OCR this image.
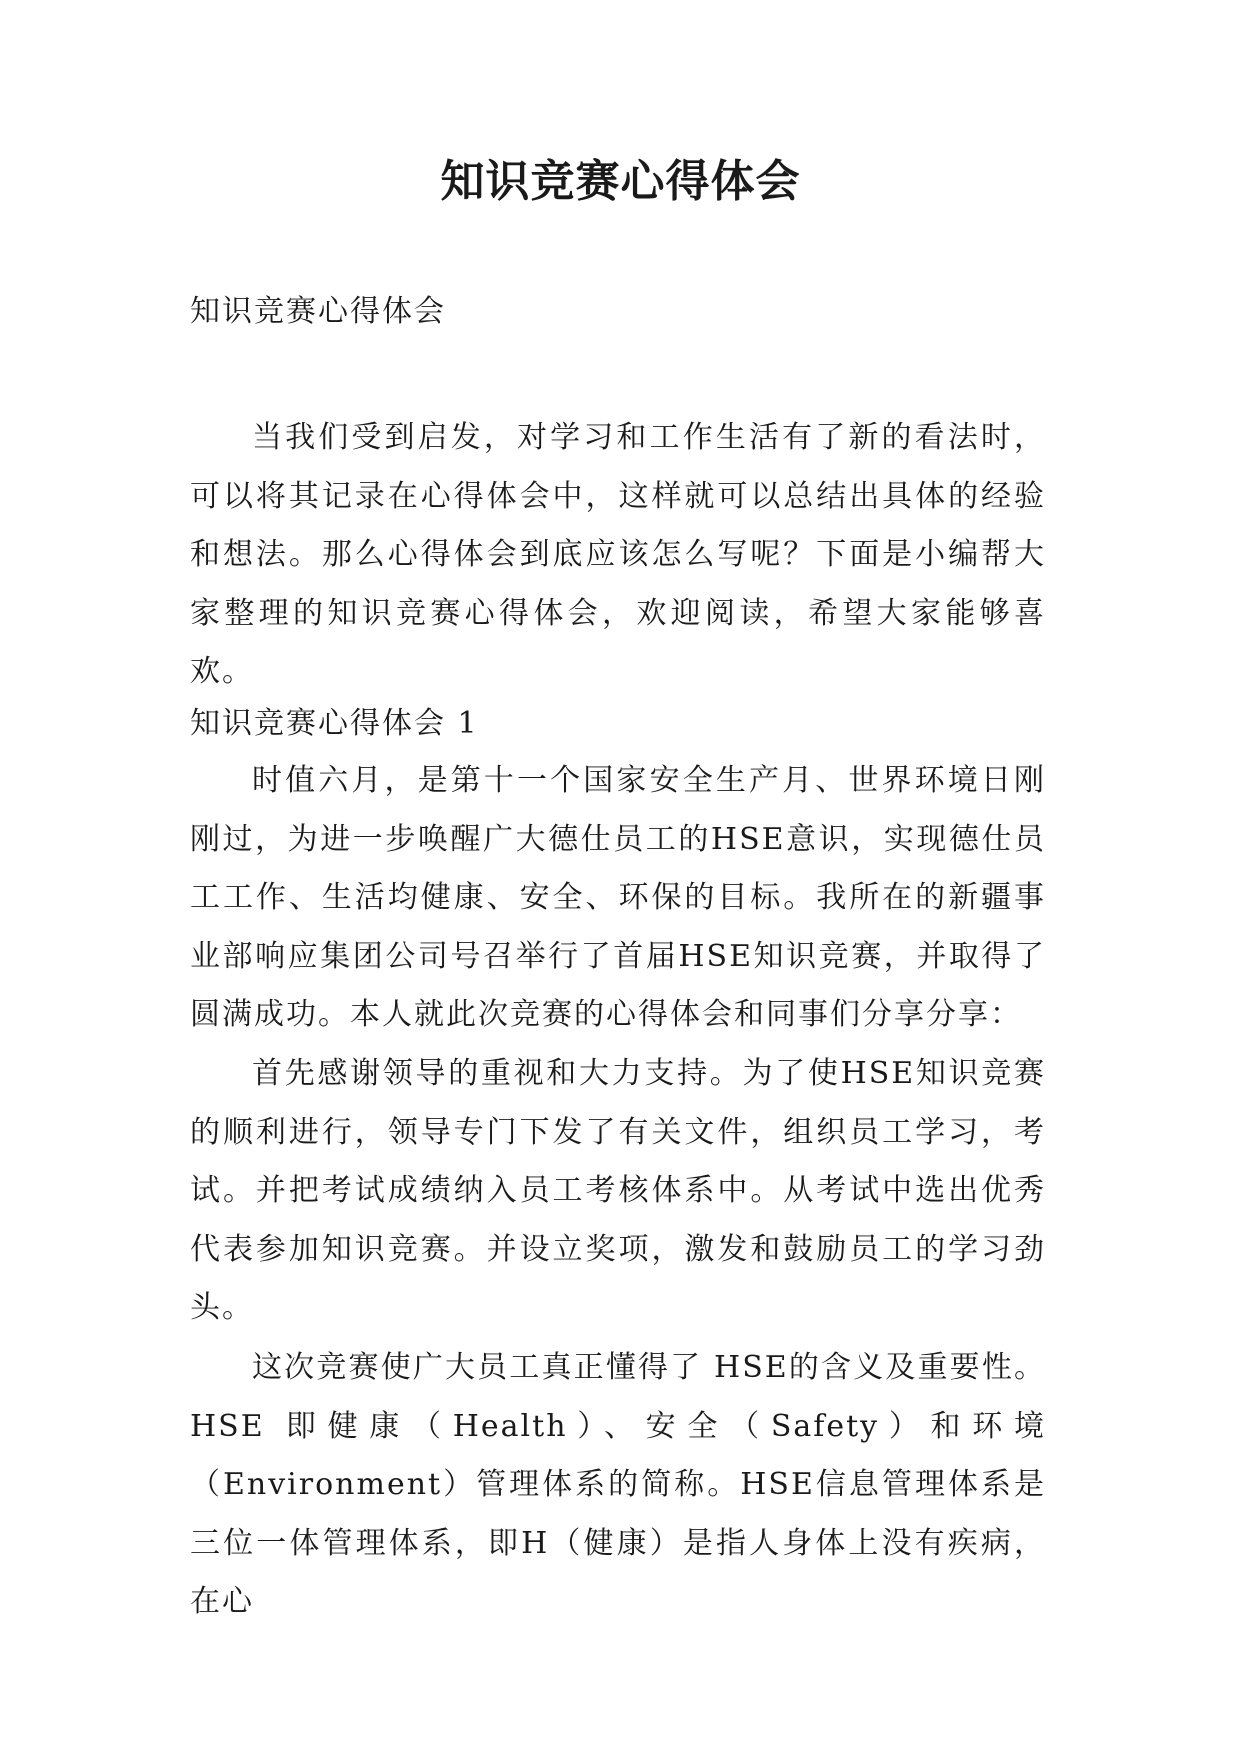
知识竞赛心得体会
知识竞赛心得体会

当我们受到启发，对学习和工作生活有了新的看法时，可以将其记录在心得体会中，这样就可以总结出具体的经验和想法。那么心得体会到底应该怎么写呢？下面是小编帮大家整理的知识竞赛心得体会，欢迎阅读，希望大家能够喜欢。

知识竞赛心得体会 1

时值六月，是第十一个国家安全生产月、世界环境日刚刚过，为进一步唤醒广大德仕员工的HSE意识，实现德仕员工工作、生活均健康、安全、环保的目标。我所在的新疆事业部响应集团公司号召举行了首届HSE知识竞赛，并取得了圆满成功。本人就此次竞赛的心得体会和同事们分享分享：

首先感谢领导的重视和大力支持。为了使HSE知识竞赛的顺利进行，领导专门下发了有关文件，组织员工学习，考试。并把考试成绩纳入员工考核体系中。从考试中选出优秀代表参加知识竞赛。并设立奖项，激发和鼓励员工的学习劲头。

这次竞赛使广大员工真正懂得了 HSE的含义及重要性。HSE 即健康（Health）、安全（Safety）和环境（Environment）管理体系的简称。HSE信息管理体系是三位一体管理体系，即H（健康）是指人身体上没有疾病，在心
